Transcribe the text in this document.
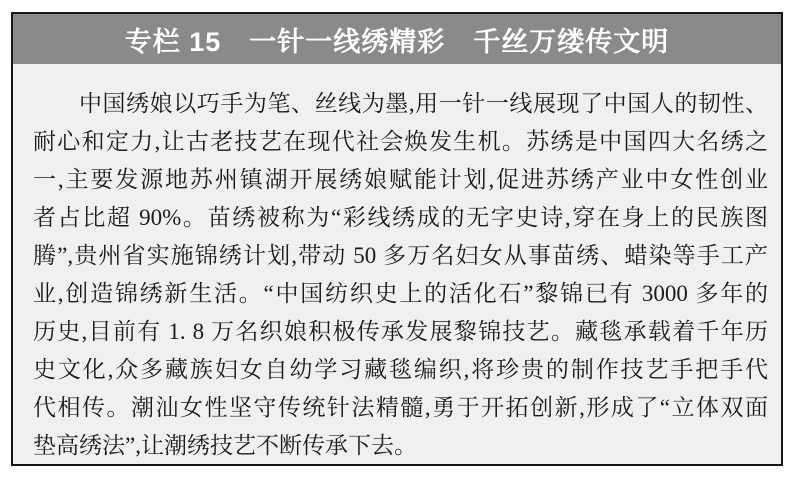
专栏 15 一针一线绣精彩 千丝万缕传文明
中国绣娘以巧手为笔、丝线为墨,用一针一线展现了中国人的韧性、
耐心和定力,让古老技艺在现代社会焕发生机。苏绣是中国四大名绣之
一,主要发源地苏州镇湖开展绣娘赋能计划,促进苏绣产业中女性创业
者占比超 90%。苗绣被称为“彩线绣成的无字史诗,穿在身上的民族图
腾”,贵州省实施锦绣计划,带动 50 多万名妇女从事苗绣、蜡染等手工产
业,创造锦绣新生活。“中国纺织史上的活化石”黎锦已有 3000 多年的
历史,目前有 1. 8 万名织娘积极传承发展黎锦技艺。藏毯承载着千年历
史文化,众多藏族妇女自幼学习藏毯编织,将珍贵的制作技艺手把手代
代相传。潮汕女性坚守传统针法精髓,勇于开拓创新,形成了“立体双面
垫高绣法”,让潮绣技艺不断传承下去。
